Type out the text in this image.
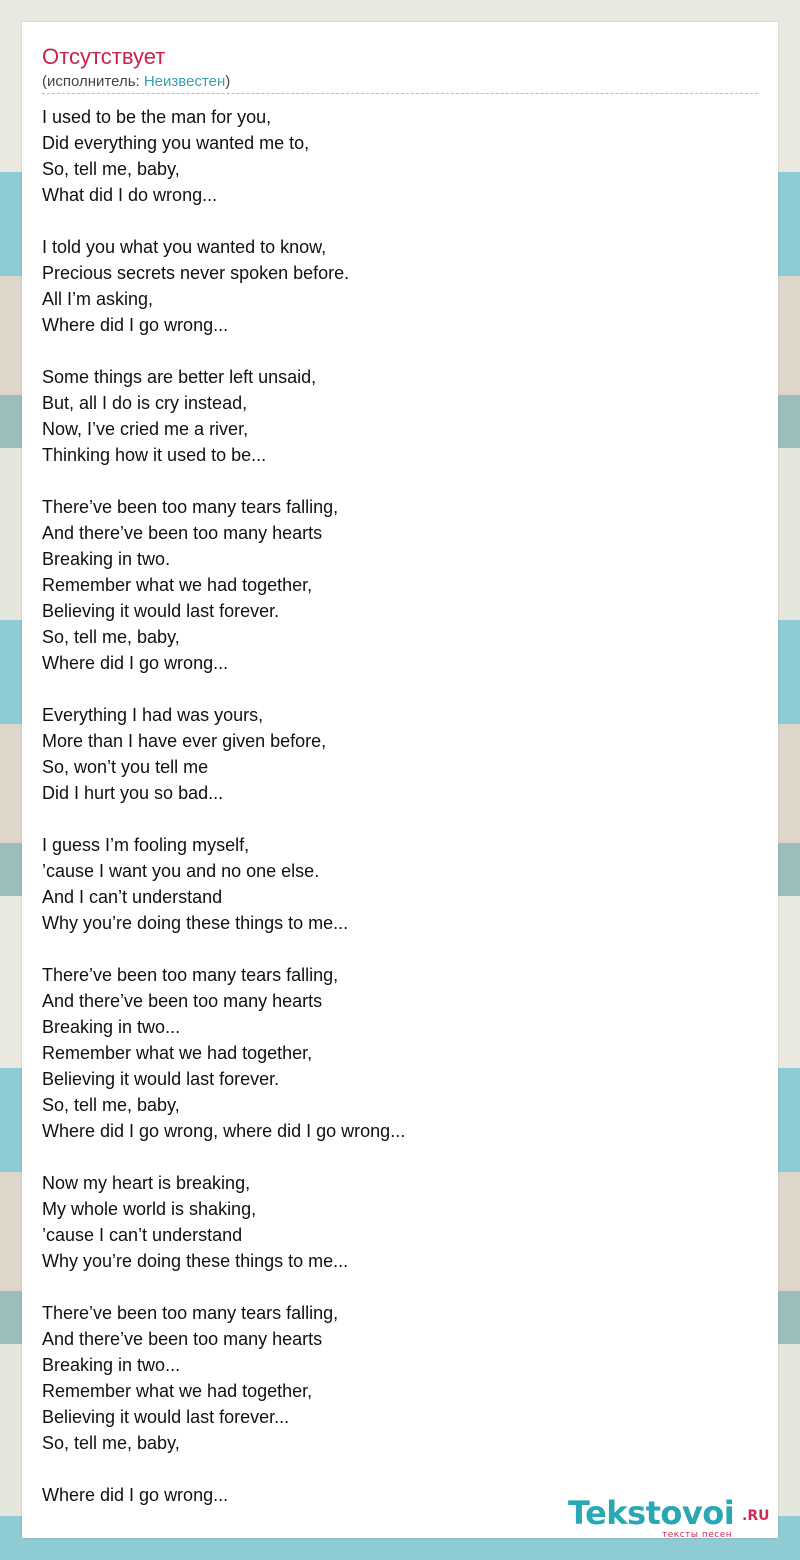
Отсутствует
(исполнитель: Неизвестен)
I used to be the man for you,
Did everything you wanted me to,
So, tell me, baby,
What did I do wrong...
I told you what you wanted to know,
Precious secrets never spoken before.
All I’m asking,
Where did I go wrong...
Some things are better left unsaid,
But, all I do is cry instead,
Now, I’ve cried me a river,
Thinking how it used to be...
There’ve been too many tears falling,
And there’ve been too many hearts
Breaking in two.
Remember what we had together,
Believing it would last forever.
So, tell me, baby,
Where did I go wrong...
Everything I had was yours,
More than I have ever given before,
So, won’t you tell me
Did I hurt you so bad...
I guess I’m fooling myself,
’cause I want you and no one else.
And I can’t understand
Why you’re doing these things to me...
There’ve been too many tears falling,
And there’ve been too many hearts
Breaking in two...
Remember what we had together,
Believing it would last forever.
So, tell me, baby,
Where did I go wrong, where did I go wrong...
Now my heart is breaking,
My whole world is shaking,
’cause I can’t understand
Why you’re doing these things to me...
There’ve been too many tears falling,
And there’ve been too many hearts
Breaking in two...
Remember what we had together,
Believing it would last forever...
So, tell me, baby,
Where did I go wrong...	Tekstovoi .RU
тексты песен
